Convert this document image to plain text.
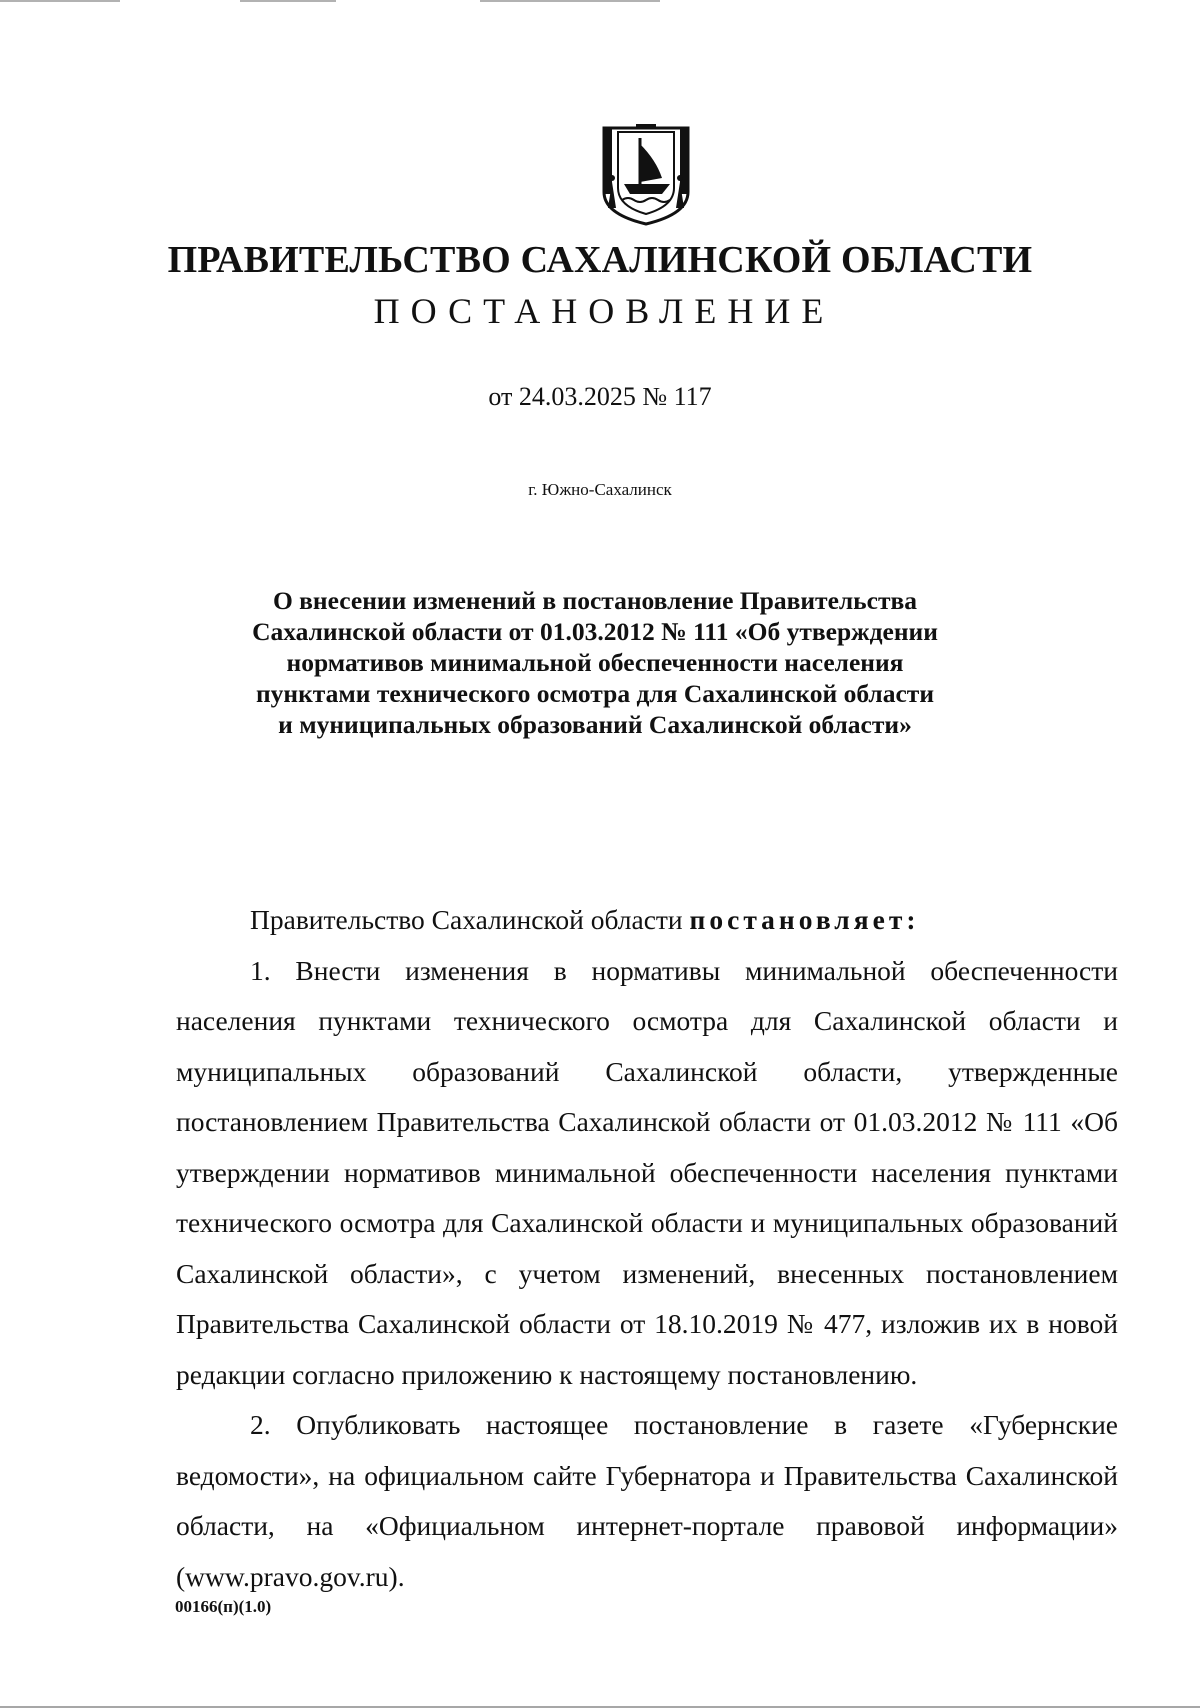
ПРАВИТЕЛЬСТВО САХАЛИНСКОЙ ОБЛАСТИ
ПОСТАНОВЛЕНИЕ
от 24.03.2025 № 117
г. Южно-Сахалинск
О внесении изменений в постановление Правительства
Сахалинской области от 01.03.2012 № 111 «Об утверждении
нормативов минимальной обеспеченности населения
пунктами технического осмотра для Сахалинской области
и муниципальных образований Сахалинской области»

Правительство Сахалинской области постановляет:

1. Внести изменения в нормативы минимальной обеспеченности населения пунктами технического осмотра для Сахалинской области и муниципальных образований Сахалинской области, утвержденные постановлением Правительства Сахалинской области от 01.03.2012 № 111 «Об утверждении нормативов минимальной обеспеченности населения пунктами технического осмотра для Сахалинской области и муниципальных образований Сахалинской области», с учетом изменений, внесенных постановлением Правительства Сахалинской области от 18.10.2019 № 477, изложив их в новой редакции согласно приложению к настоящему постановлению.

2. Опубликовать настоящее постановление в газете «Губернские ведомости», на официальном сайте Губернатора и Правительства Сахалинской области, на «Официальном интернет-портале правовой информации» (www.pravo.gov.ru).

00166(п)(1.0)
